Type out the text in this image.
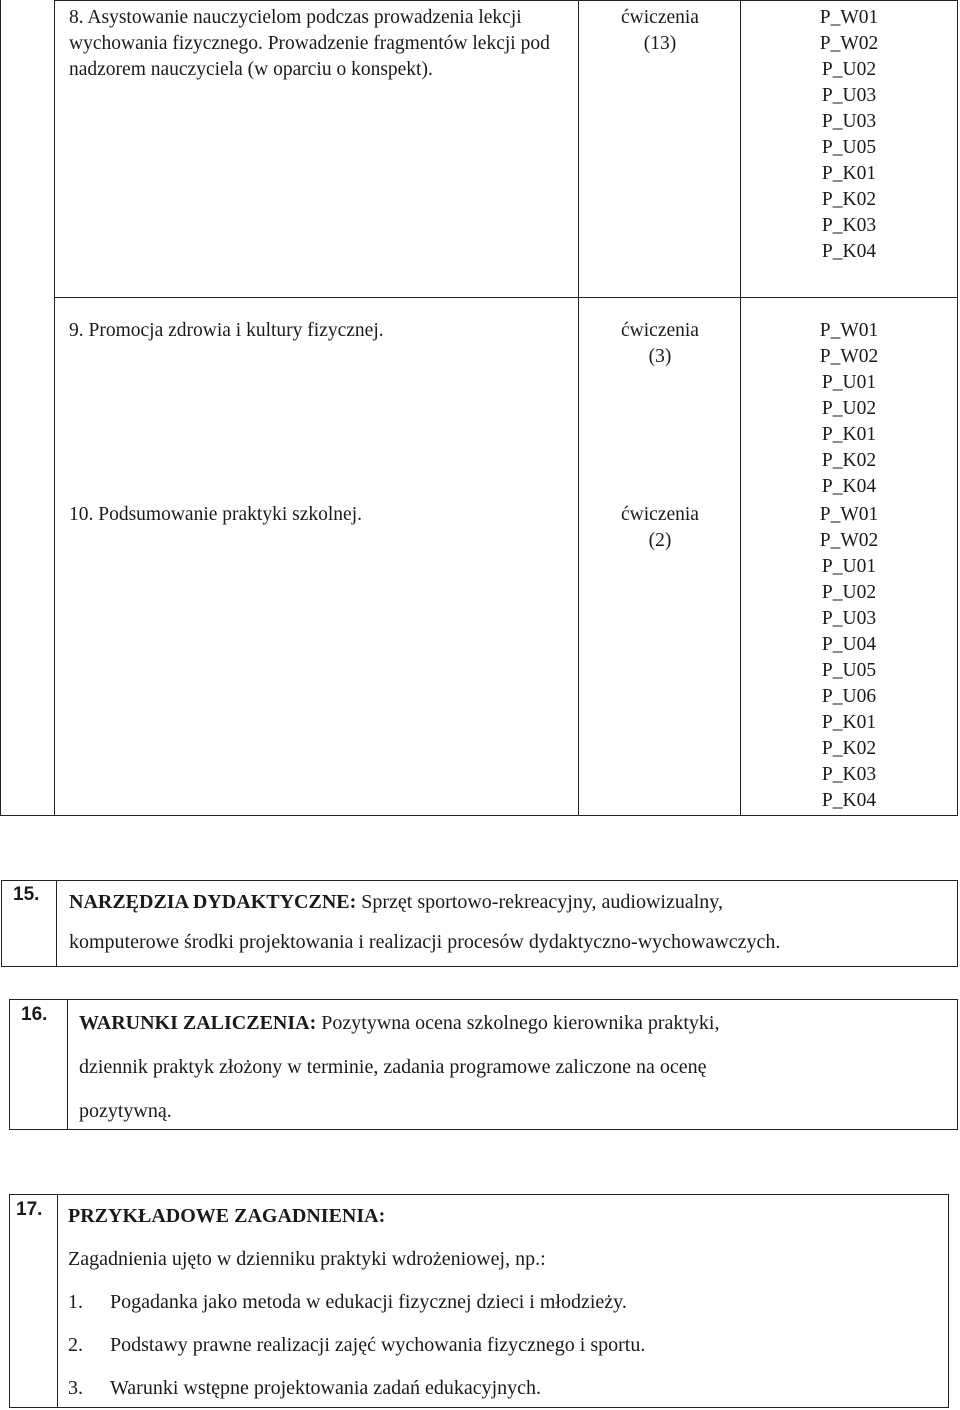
8. Asystowanie nauczycielom podczas prowadzenia lekcji wychowania fizycznego. Prowadzenie fragmentów lekcji pod nadzorem nauczyciela (w oparciu o konspekt).
ćwiczenia
(13)
P_W01
P_W02
P_U02
P_U03
P_U03
P_U05
P_K01
P_K02
P_K03
P_K04
9. Promocja zdrowia i kultury fizycznej.	ćwiczenia
(3)
P_W01
P_W02
P_U01
P_U02
P_K01
P_K02
P_K04
10. Podsumowanie praktyki szkolnej.	ćwiczenia
(2)
P_W01
P_W02
P_U01
P_U02
P_U03
P_U04
P_U05
P_U06
P_K01
P_K02
P_K03
P_K04
15. NARZĘDZIA DYDAKTYCZNE: Sprzęt sportowo-rekreacyjny, audiowizualny,
komputerowe środki projektowania i realizacji procesów dydaktyczno-wychowawczych.
16. WARUNKI ZALICZENIA: Pozytywna ocena szkolnego kierownika praktyki,
dziennik praktyk złożony w terminie, zadania programowe zaliczone na ocenę
pozytywną.
17. PRZYKŁADOWE ZAGADNIENIA:
Zagadnienia ujęto w dzienniku praktyki wdrożeniowej, np.:
1. Pogadanka jako metoda w edukacji fizycznej dzieci i młodzieży.
2. Podstawy prawne realizacji zajęć wychowania fizycznego i sportu.
3. Warunki wstępne projektowania zadań edukacyjnych.
